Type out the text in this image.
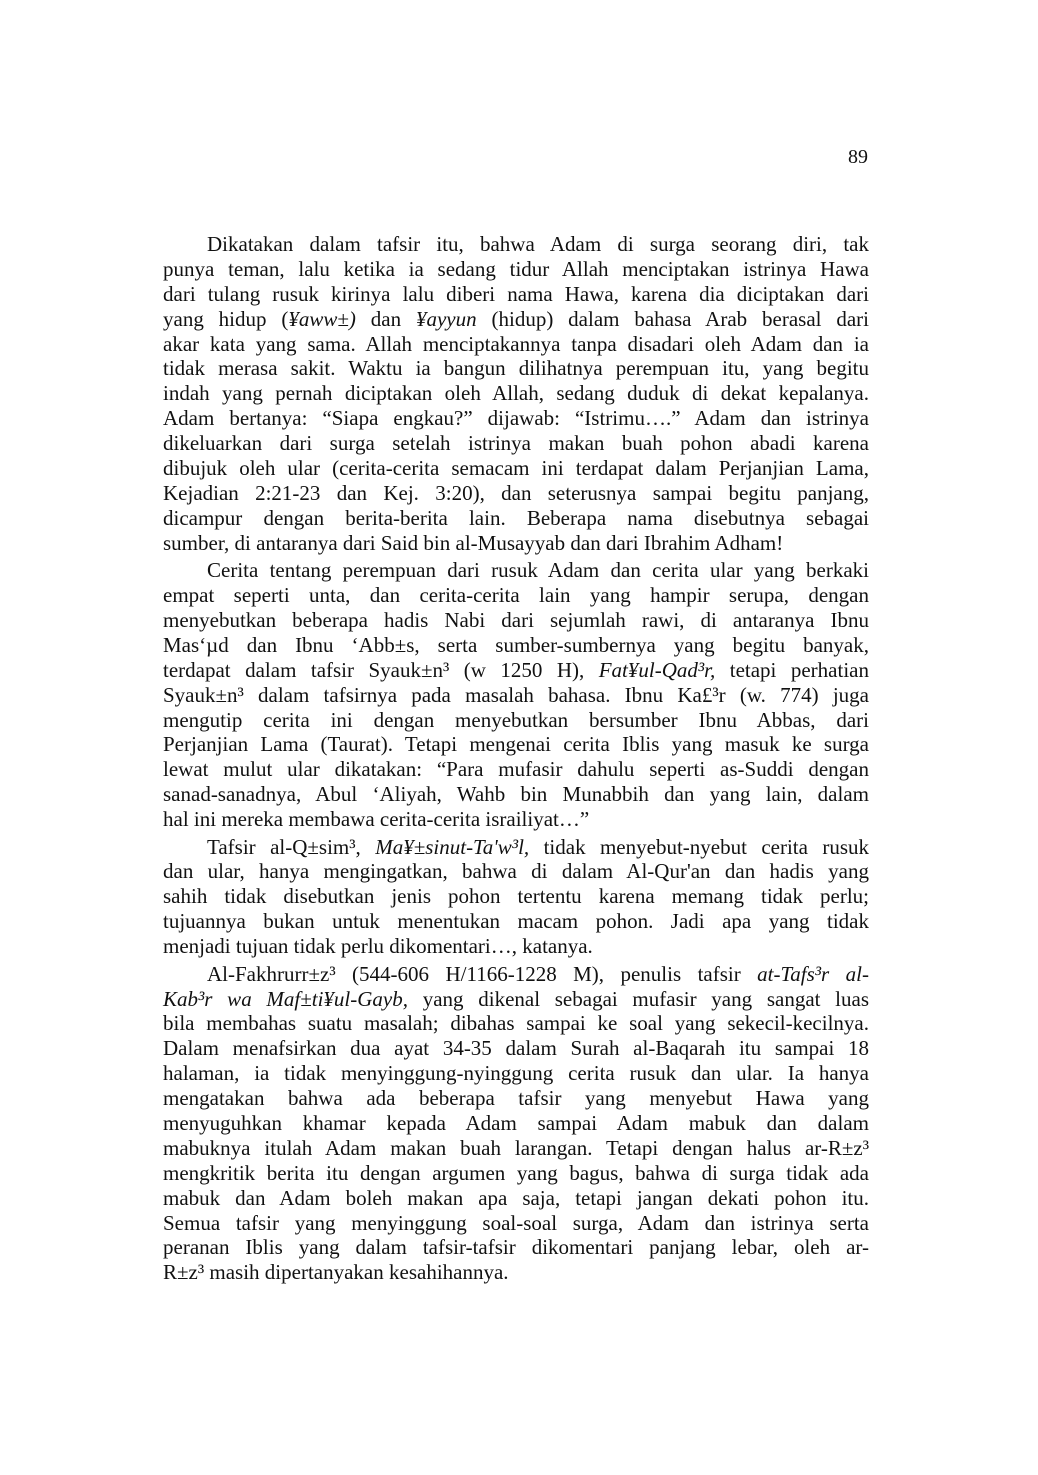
89
Dikatakan dalam tafsir itu, bahwa Adam di surga seorang diri, tak
punya teman, lalu ketika ia sedang tidur Allah menciptakan istrinya Hawa
dari tulang rusuk kirinya lalu diberi nama Hawa, karena dia diciptakan dari
yang hidup (¥aww±) dan ¥ayyun (hidup) dalam bahasa Arab berasal dari
akar kata yang sama. Allah menciptakannya tanpa disadari oleh Adam dan ia
tidak merasa sakit. Waktu ia bangun dilihatnya perempuan itu, yang begitu
indah yang pernah diciptakan oleh Allah, sedang duduk di dekat kepalanya.
Adam bertanya: “Siapa engkau?” dijawab: “Istrimu….” Adam dan istrinya
dikeluarkan dari surga setelah istrinya makan buah pohon abadi karena
dibujuk oleh ular (cerita-cerita semacam ini terdapat dalam Perjanjian Lama,
Kejadian 2:21-23 dan Kej. 3:20), dan seterusnya sampai begitu panjang,
dicampur dengan berita-berita lain. Beberapa nama disebutnya sebagai
sumber, di antaranya dari Said bin al-Musayyab dan dari Ibrahim Adham!
Cerita tentang perempuan dari rusuk Adam dan cerita ular yang berkaki
empat seperti unta, dan cerita-cerita lain yang hampir serupa, dengan
menyebutkan beberapa hadis Nabi dari sejumlah rawi, di antaranya Ibnu
Mas‘µd dan Ibnu ‘Abb±s, serta sumber-sumbernya yang begitu banyak,
terdapat dalam tafsir Syauk±n³ (w 1250 H), Fat¥ul-Qad³r, tetapi perhatian
Syauk±n³ dalam tafsirnya pada masalah bahasa. Ibnu Ka£³r (w. 774) juga
mengutip cerita ini dengan menyebutkan bersumber Ibnu Abbas, dari
Perjanjian Lama (Taurat). Tetapi mengenai cerita Iblis yang masuk ke surga
lewat mulut ular dikatakan: “Para mufasir dahulu seperti as-Suddi dengan
sanad-sanadnya, Abul ‘Aliyah, Wahb bin Munabbih dan yang lain, dalam
hal ini mereka membawa cerita-cerita israiliyat…”
Tafsir al-Q±sim³, Ma¥±sinut-Ta'w³l, tidak menyebut-nyebut cerita rusuk
dan ular, hanya mengingatkan, bahwa di dalam Al-Qur'an dan hadis yang
sahih tidak disebutkan jenis pohon tertentu karena memang tidak perlu;
tujuannya bukan untuk menentukan macam pohon. Jadi apa yang tidak
menjadi tujuan tidak perlu dikomentari…, katanya.
Al-Fakhrurr±z³ (544-606 H/1166-1228 M), penulis tafsir at-Tafs³r al-
Kab³r wa Maf±ti¥ul-Gayb, yang dikenal sebagai mufasir yang sangat luas
bila membahas suatu masalah; dibahas sampai ke soal yang sekecil-kecilnya.
Dalam menafsirkan dua ayat 34-35 dalam Surah al-Baqarah itu sampai 18
halaman, ia tidak menyinggung-nyinggung cerita rusuk dan ular. Ia hanya
mengatakan bahwa ada beberapa tafsir yang menyebut Hawa yang
menyuguhkan khamar kepada Adam sampai Adam mabuk dan dalam
mabuknya itulah Adam makan buah larangan. Tetapi dengan halus ar-R±z³
mengkritik berita itu dengan argumen yang bagus, bahwa di surga tidak ada
mabuk dan Adam boleh makan apa saja, tetapi jangan dekati pohon itu.
Semua tafsir yang menyinggung soal-soal surga, Adam dan istrinya serta
peranan Iblis yang dalam tafsir-tafsir dikomentari panjang lebar, oleh ar-
R±z³ masih dipertanyakan kesahihannya.
